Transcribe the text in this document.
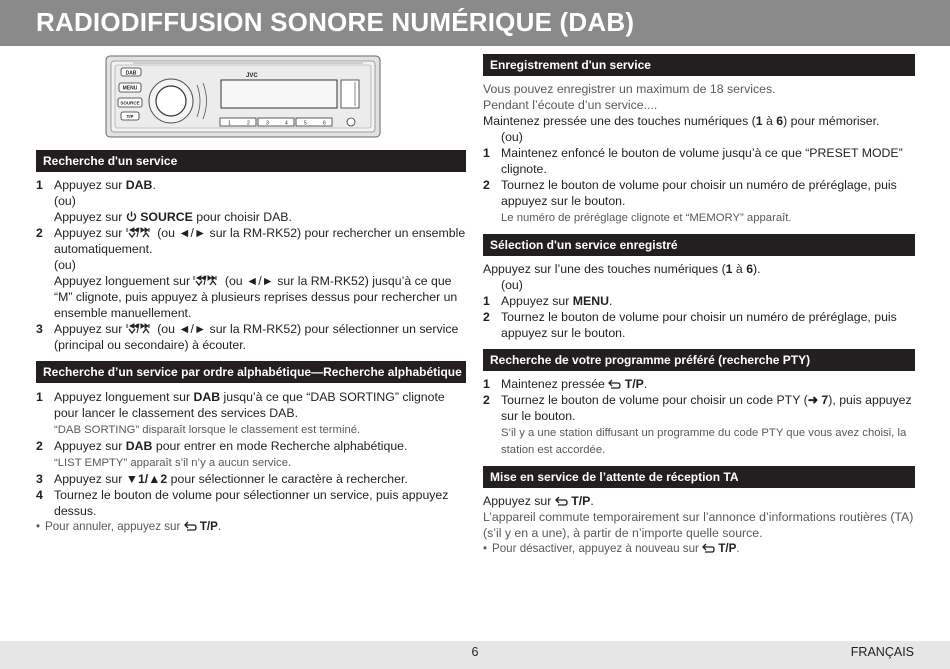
RADIODIFFUSION SONORE NUMÉRIQUE (DAB)
DAB
MENU
SOURCE
T/P
JVC
1	2	3	4	5	6
Recherche d'un service
1 Appuyez sur DAB.
(ou)
Appuyez sur  SOURCE pour choisir DAB.
2 Appuyez sur  (ou ◄/► sur la RM-RK52) pour rechercher un ensemble automatiquement.
(ou)
Appuyez longuement sur  (ou ◄/► sur la RM-RK52) jusqu’à ce que “M” clignote, puis appuyez à plusieurs reprises dessus pour rechercher un ensemble manuellement.
3 Appuyez sur  (ou ◄/► sur la RM-RK52) pour sélectionner un service (principal ou secondaire) à écouter.
Recherche d’un service par ordre alphabétique—Recherche alphabétique
1 Appuyez longuement sur DAB jusqu’à ce que “DAB SORTING” clignote pour lancer le classement des services DAB.
“DAB SORTING” disparaît lorsque le classement est terminé.
2 Appuyez sur DAB pour entrer en mode Recherche alphabétique.
“LIST EMPTY” apparaît s’il n’y a aucun service.
3 Appuyez sur ▼1/▲2 pour sélectionner le caractère à rechercher.
4 Tournez le bouton de volume pour sélectionner un service, puis appuyez dessus.
• Pour annuler, appuyez sur  T/P.
Enregistrement d'un service
Vous pouvez enregistrer un maximum de 18 services.
Pendant l’écoute d’un service....
Maintenez pressée une des touches numériques (1 à 6) pour mémoriser.
(ou)
1 Maintenez enfoncé le bouton de volume jusqu’à ce que “PRESET MODE” clignote.
2 Tournez le bouton de volume pour choisir un numéro de préréglage, puis appuyez sur le bouton.
Le numéro de préréglage clignote et “MEMORY” apparaît.
Sélection d'un service enregistré
Appuyez sur l’une des touches numériques (1 à 6).
(ou)
1 Appuyez sur MENU.
2 Tournez le bouton de volume pour choisir un numéro de préréglage, puis appuyez sur le bouton.
Recherche de votre programme préféré (recherche PTY)
1 Maintenez pressée  T/P.
2 Tournez le bouton de volume pour choisir un code PTY (➜ 7), puis appuyez sur le bouton.
S’il y a une station diffusant un programme du code PTY que vous avez choisi, la station est accordée.
Mise en service de l’attente de réception TA
Appuyez sur  T/P.
L’appareil commute temporairement sur l’annonce d’informations routières (TA) (s’il y en a une), à partir de n’importe quelle source.
• Pour désactiver, appuyez à nouveau sur  T/P.
6	FRANÇAIS
